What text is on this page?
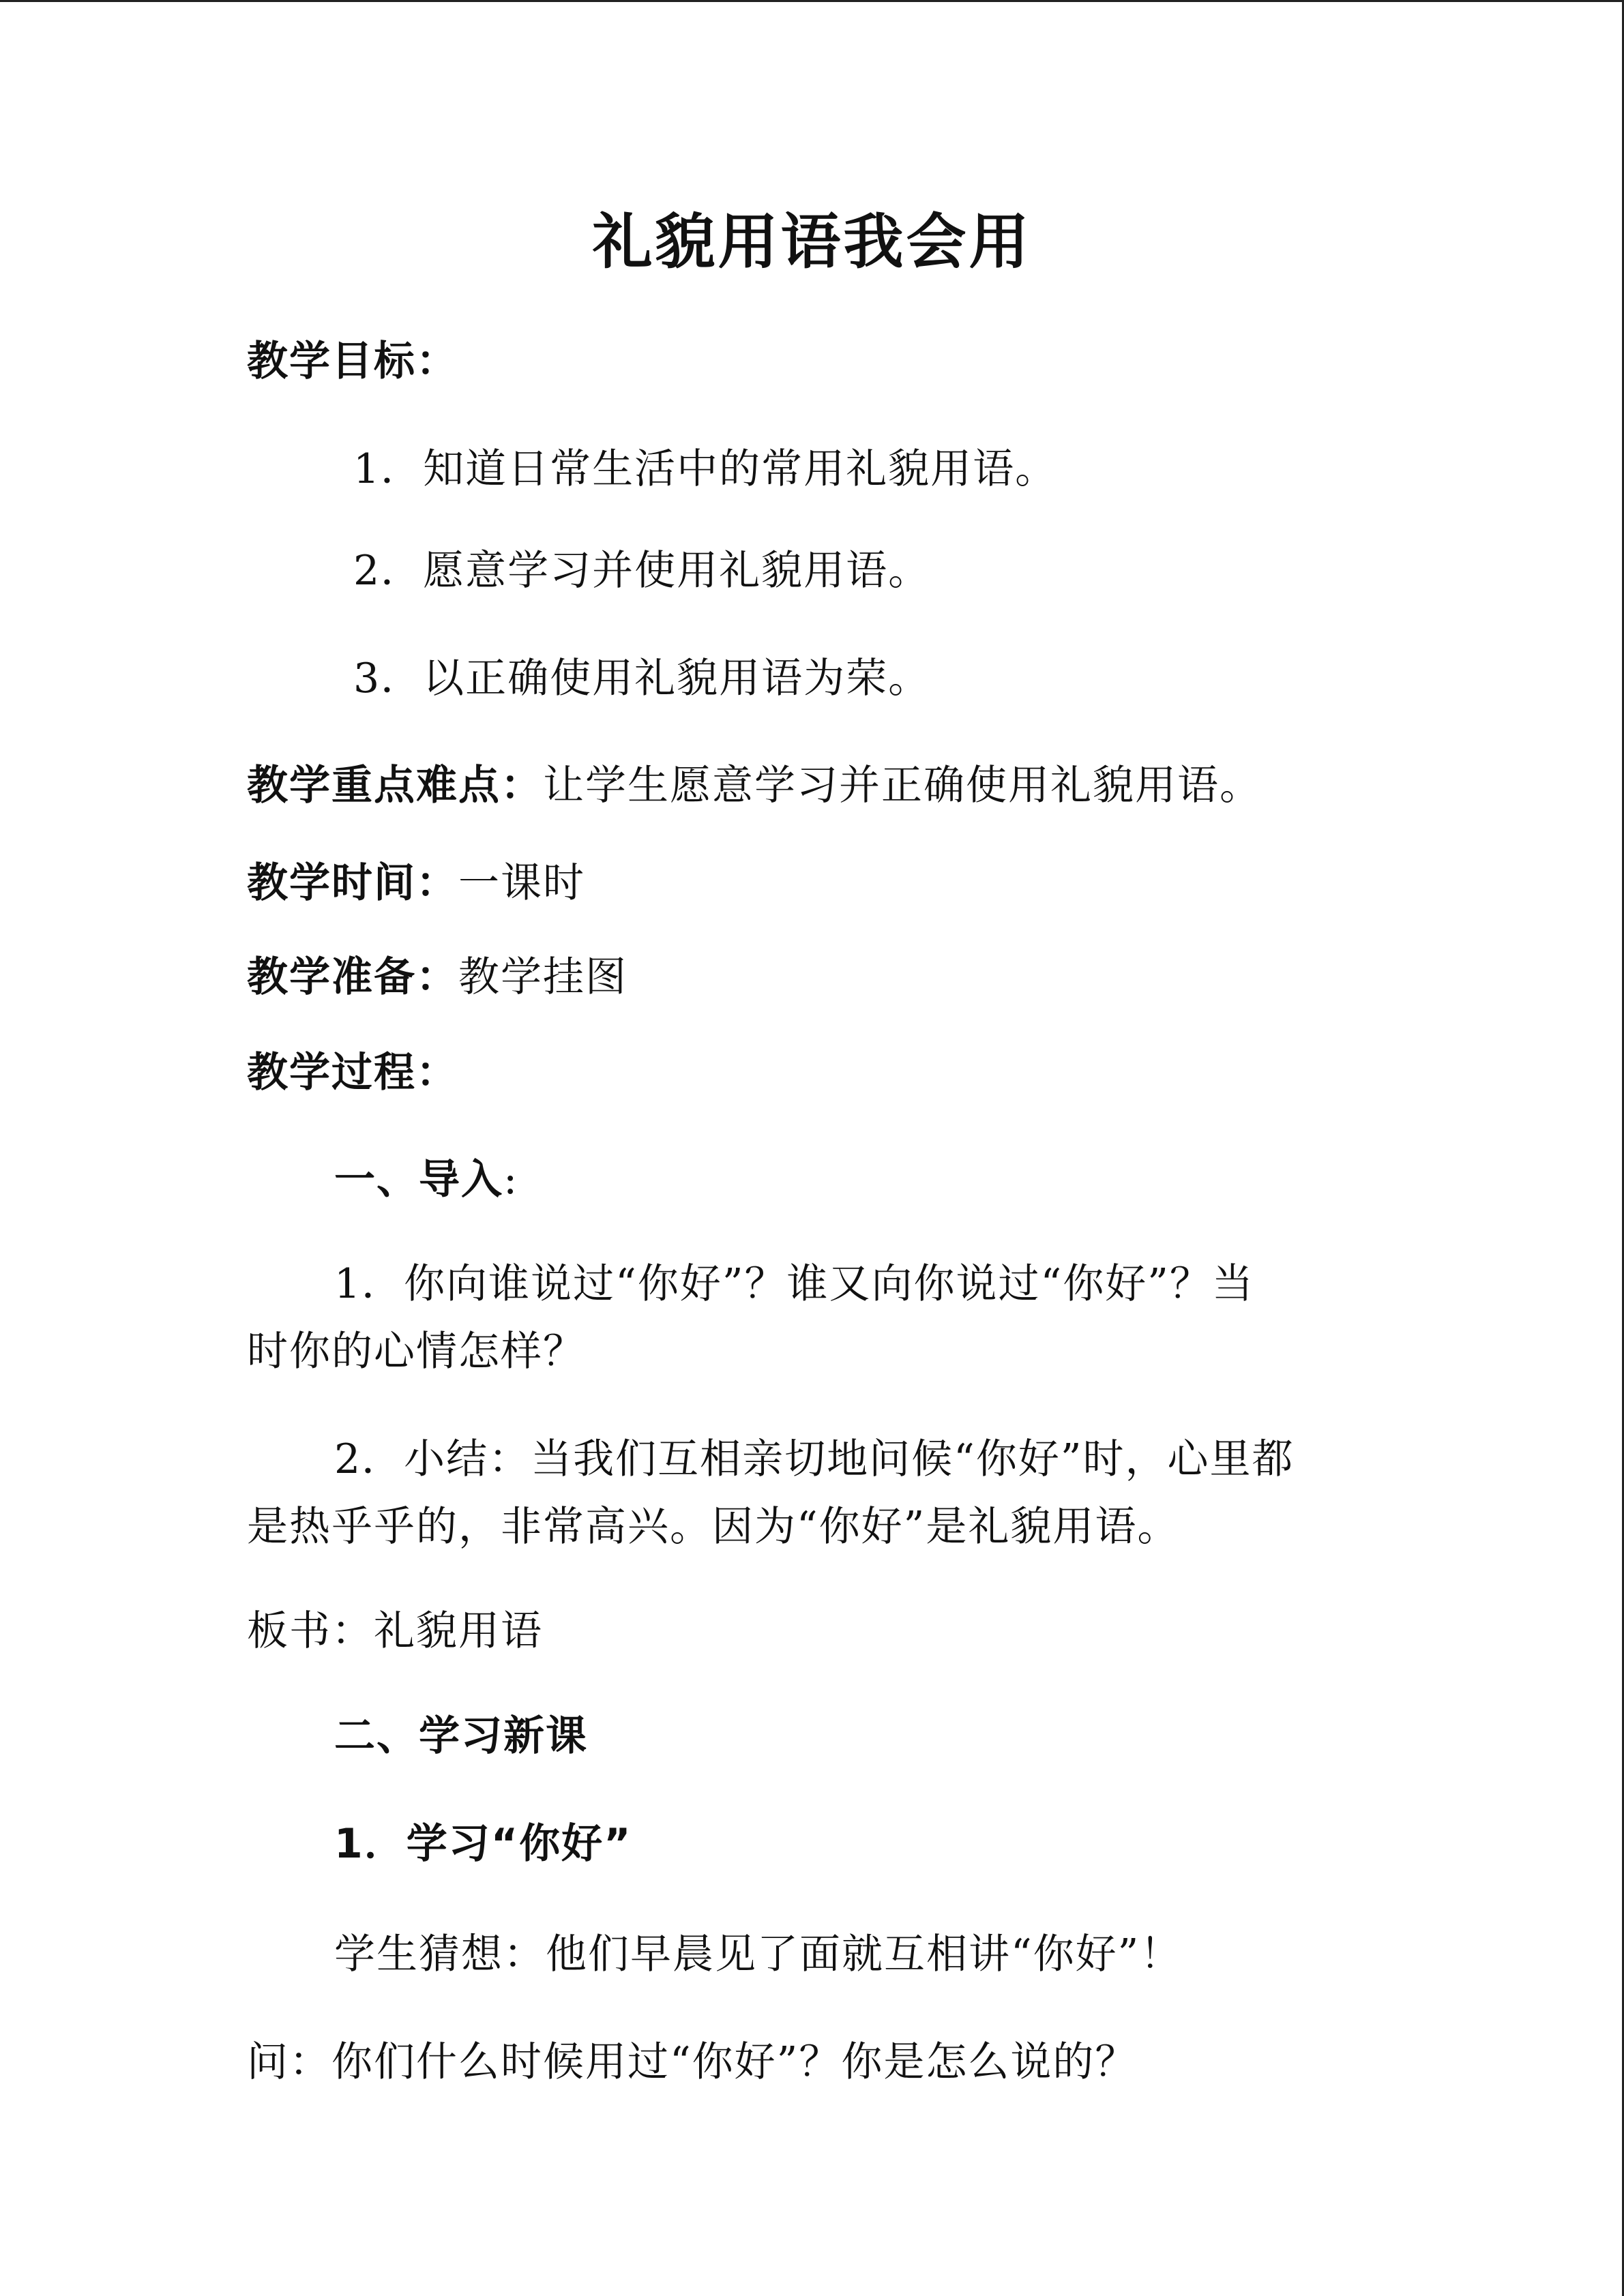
礼貌用语我会用
教学目标：
1．知道日常生活中的常用礼貌用语。
2．愿意学习并使用礼貌用语。
3．以正确使用礼貌用语为荣。
教学重点难点：让学生愿意学习并正确使用礼貌用语。
教学时间：一课时
教学准备：教学挂图
教学过程：
一、导入:
1．你向谁说过“你好”？谁又向你说过“你好”？当
时你的心情怎样？
2．小结：当我们互相亲切地问候“你好”时，心里都
是热乎乎的，非常高兴。因为“你好”是礼貌用语。
板书：礼貌用语
二、学习新课
1．学习“你好”
学生猜想：他们早晨见了面就互相讲“你好”！
问：你们什么时候用过“你好”？你是怎么说的？
